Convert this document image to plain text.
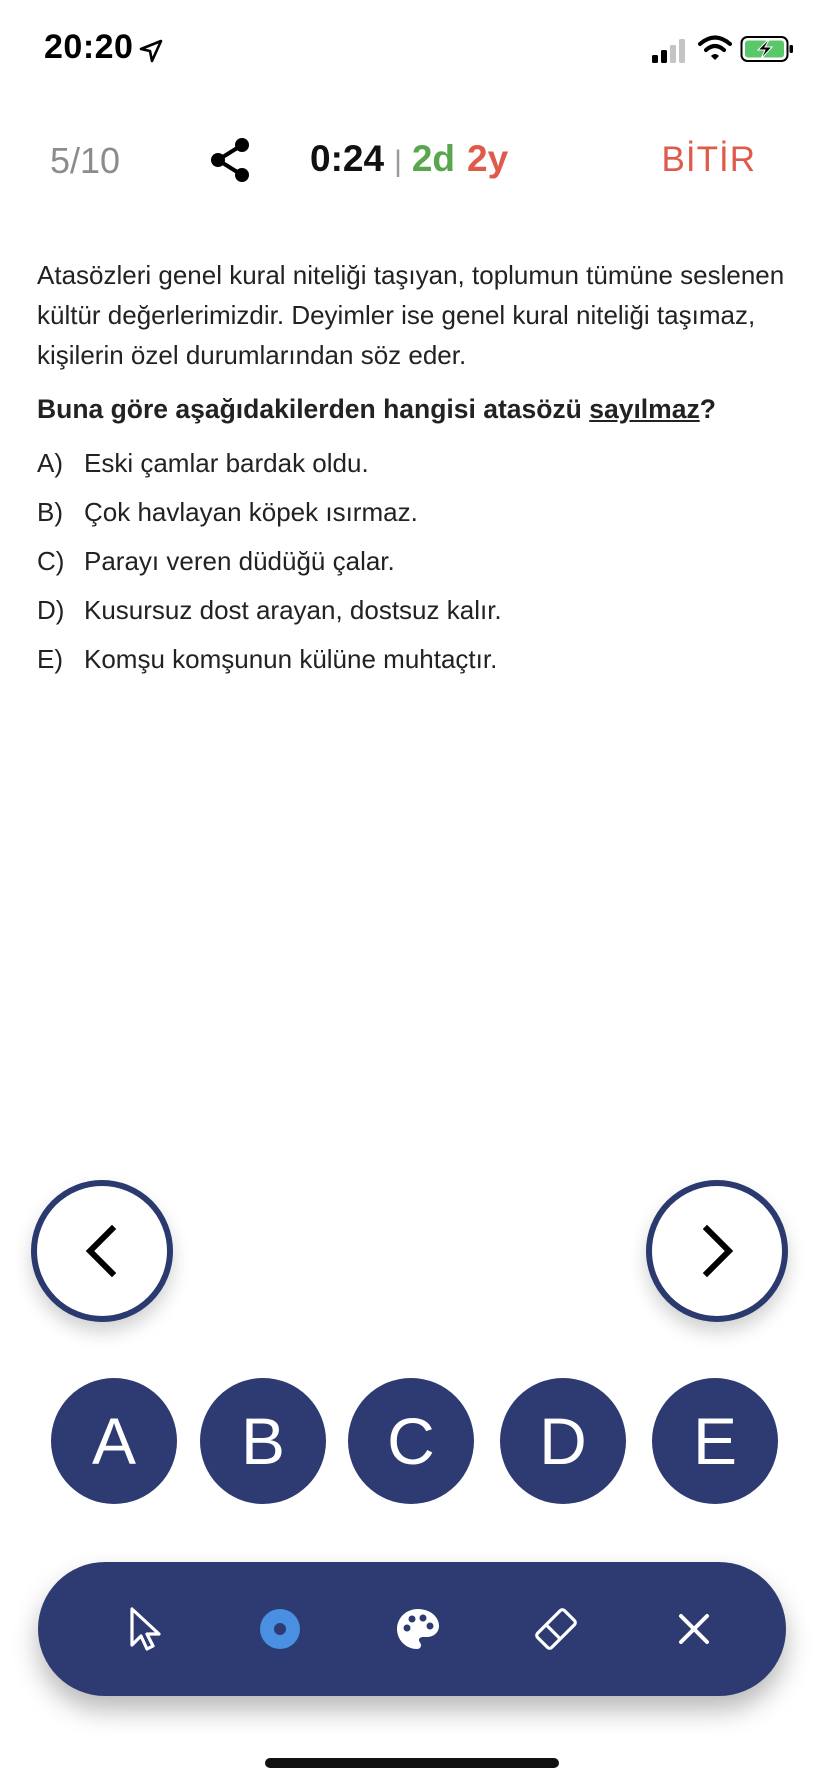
20:20
5/10	0:24 | 2d 2y	BİTİR

Atasözleri genel kural niteliği taşıyan, toplumun tümüne seslenen kültür değerlerimizdir. Deyimler ise genel kural niteliği taşımaz, kişilerin özel durumlarından söz eder.

Buna göre aşağıdakilerden hangisi atasözü sayılmaz?

A) Eski çamlar bardak oldu.
B) Çok havlayan köpek ısırmaz.
C) Parayı veren düdüğü çalar.
D) Kusursuz dost arayan, dostsuz kalır.
E) Komşu komşunun külüne muhtaçtır.
A	B	C	D	E
